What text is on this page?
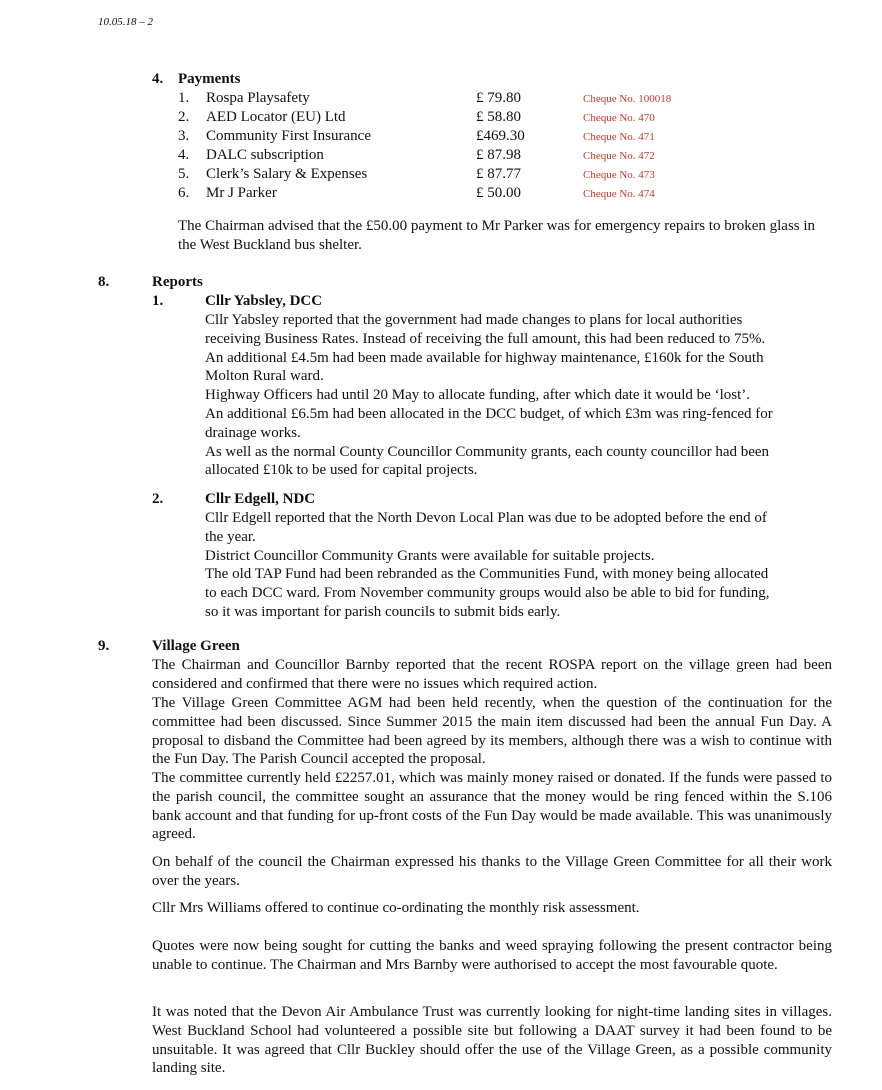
10.05.18 – 2
4. Payments
1. Rospa Playsafety	£ 79.80	Cheque No. 100018
2. AED Locator (EU) Ltd	£ 58.80	Cheque No. 470
3. Community First Insurance	£469.30	Cheque No. 471
4. DALC subscription	£ 87.98	Cheque No. 472
5. Clerk’s Salary & Expenses	£ 87.77	Cheque No. 473
6. Mr J Parker	£ 50.00	Cheque No. 474

The Chairman advised that the £50.00 payment to Mr Parker was for emergency repairs to broken glass in the West Buckland bus shelter.

8.	Reports
1.	Cllr Yabsley, DCC
Cllr Yabsley reported that the government had made changes to plans for local authorities
receiving Business Rates. Instead of receiving the full amount, this had been reduced to 75%.
An additional £4.5m had been made available for highway maintenance, £160k for the South
Molton Rural ward.
Highway Officers had until 20 May to allocate funding, after which date it would be ‘lost’.
An additional £6.5m had been allocated in the DCC budget, of which £3m was ring-fenced for
drainage works.
As well as the normal County Councillor Community grants, each county councillor had been
allocated £10k to be used for capital projects.
2.	Cllr Edgell, NDC
Cllr Edgell reported that the North Devon Local Plan was due to be adopted before the end of
the year.
District Councillor Community Grants were available for suitable projects.
The old TAP Fund had been rebranded as the Communities Fund, with money being allocated
to each DCC ward. From November community groups would also be able to bid for funding,
so it was important for parish councils to submit bids early.
9.	Village Green

The Chairman and Councillor Barnby reported that the recent ROSPA report on the village green had been considered and confirmed that there were no issues which required action.

The Village Green Committee AGM had been held recently, when the question of the continuation for the committee had been discussed. Since Summer 2015 the main item discussed had been the annual Fun Day. A proposal to disband the Committee had been agreed by its members, although there was a wish to continue with the Fun Day. The Parish Council accepted the proposal.

The committee currently held £2257.01, which was mainly money raised or donated. If the funds were passed to the parish council, the committee sought an assurance that the money would be ring fenced within the S.106 bank account and that funding for up-front costs of the Fun Day would be made available. This was unanimously agreed.

On behalf of the council the Chairman expressed his thanks to the Village Green Committee for all their work over the years.

Cllr Mrs Williams offered to continue co-ordinating the monthly risk assessment.

Quotes were now being sought for cutting the banks and weed spraying following the present contractor being unable to continue. The Chairman and Mrs Barnby were authorised to accept the most favourable quote.

It was noted that the Devon Air Ambulance Trust was currently looking for night-time landing sites in villages. West Buckland School had volunteered a possible site but following a DAAT survey it had been found to be unsuitable. It was agreed that Cllr Buckley should offer the use of the Village Green, as a possible community landing site.
